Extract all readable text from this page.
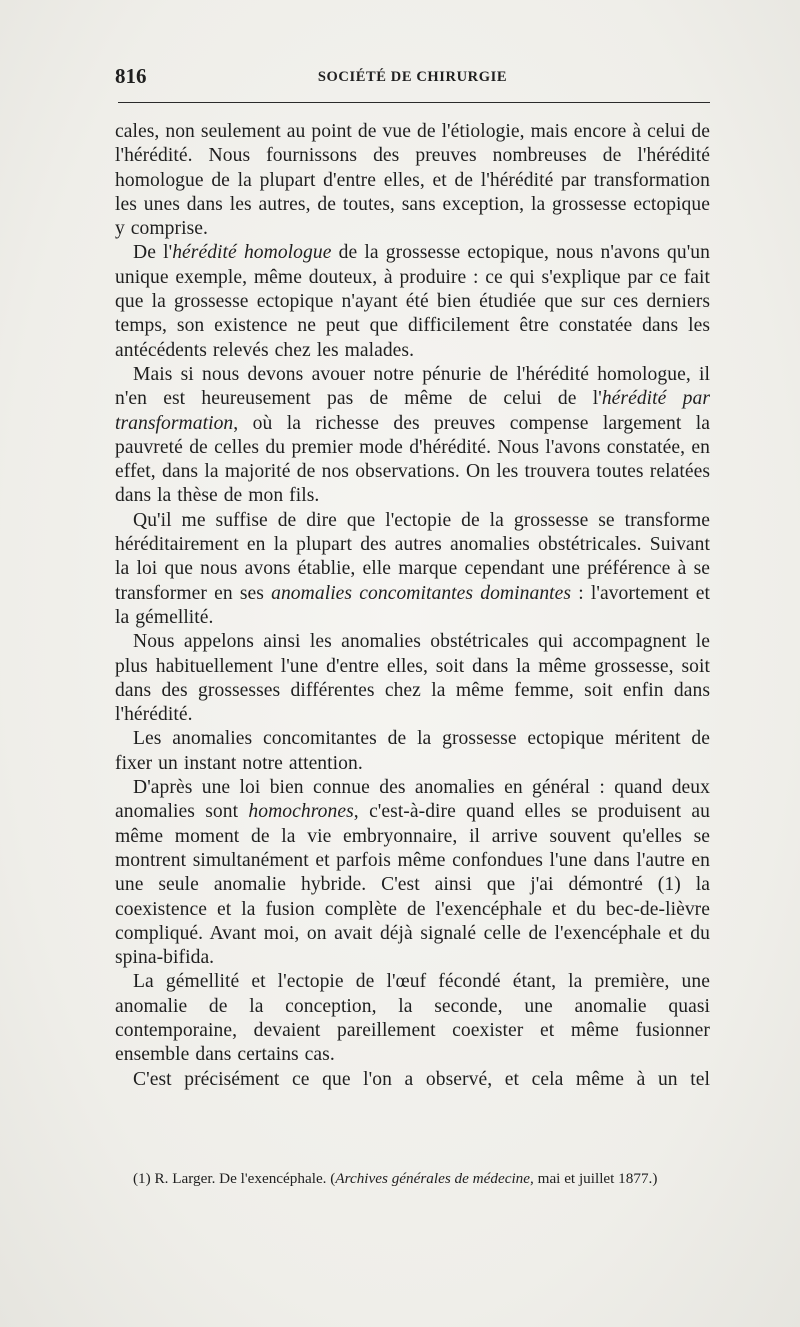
816	SOCIÉTÉ DE CHIRURGIE

cales, non seulement au point de vue de l'étiologie, mais encore à celui de l'hérédité. Nous fournissons des preuves nombreuses de l'hérédité homologue de la plupart d'entre elles, et de l'hérédité par transformation les unes dans les autres, de toutes, sans exception, la grossesse ectopique y comprise.

De l'hérédité homologue de la grossesse ectopique, nous n'avons qu'un unique exemple, même douteux, à produire : ce qui s'explique par ce fait que la grossesse ectopique n'ayant été bien étudiée que sur ces derniers temps, son existence ne peut que difficilement être constatée dans les antécédents relevés chez les malades.

Mais si nous devons avouer notre pénurie de l'hérédité homologue, il n'en est heureusement pas de même de celui de l'hérédité par transformation, où la richesse des preuves compense largement la pauvreté de celles du premier mode d'hérédité. Nous l'avons constatée, en effet, dans la majorité de nos observations. On les trouvera toutes relatées dans la thèse de mon fils.

Qu'il me suffise de dire que l'ectopie de la grossesse se transforme héréditairement en la plupart des autres anomalies obstétricales. Suivant la loi que nous avons établie, elle marque cependant une préférence à se transformer en ses anomalies concomitantes dominantes : l'avortement et la gémellité.

Nous appelons ainsi les anomalies obstétricales qui accompagnent le plus habituellement l'une d'entre elles, soit dans la même grossesse, soit dans des grossesses différentes chez la même femme, soit enfin dans l'hérédité.

Les anomalies concomitantes de la grossesse ectopique méritent de fixer un instant notre attention.

D'après une loi bien connue des anomalies en général : quand deux anomalies sont homochrones, c'est-à-dire quand elles se produisent au même moment de la vie embryonnaire, il arrive souvent qu'elles se montrent simultanément et parfois même confondues l'une dans l'autre en une seule anomalie hybride. C'est ainsi que j'ai démontré (1) la coexistence et la fusion complète de l'exencéphale et du bec-de-lièvre compliqué. Avant moi, on avait déjà signalé celle de l'exencéphale et du spina-bifida.

La gémellité et l'ectopie de l'œuf fécondé étant, la première, une anomalie de la conception, la seconde, une anomalie quasi contemporaine, devaient pareillement coexister et même fusionner ensemble dans certains cas.

C'est précisément ce que l'on a observé, et cela même à un tel

(1) R. Larger. De l'exencéphale. (Archives générales de médecine, mai et juillet 1877.)
